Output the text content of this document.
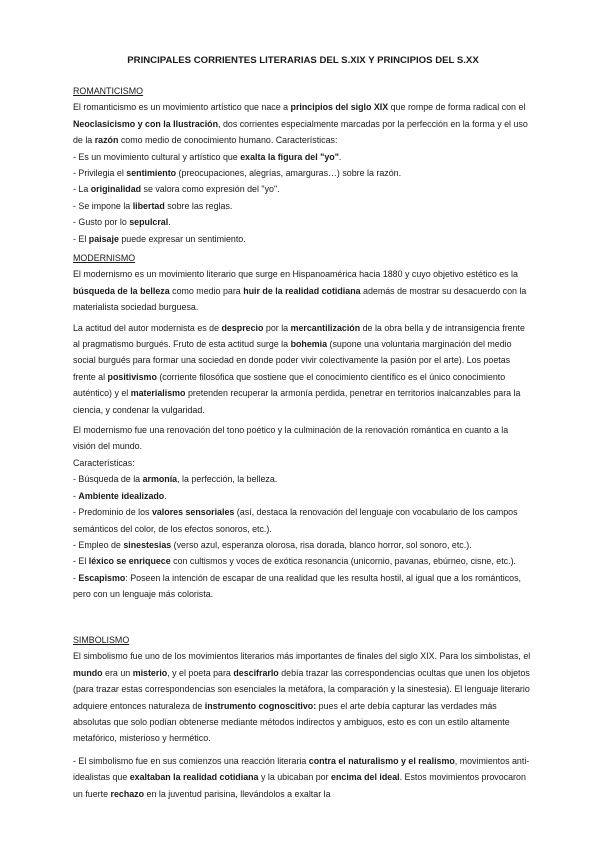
PRINCIPALES CORRIENTES LITERARIAS DEL S.XIX Y PRINCIPIOS DEL S.XX
ROMANTICISMO

El romanticismo es un movimiento artístico que nace a principios del siglo XIX que rompe de forma radical con el Neoclasicismo y con la Ilustración, dos corrientes especialmente marcadas por la perfección en la forma y el uso de la razón como medio de conocimiento humano. Características:

- Es un movimiento cultural y artístico que exalta la figura del "yo".

- Privilegia el sentimiento (preocupaciones, alegrías, amarguras…) sobre la razón.

- La originalidad se valora como expresión del "yo".

- Se impone la libertad sobre las reglas.

- Gusto por lo sepulcral.

- El paisaje puede expresar un sentimiento.

MODERNISMO

El modernismo es un movimiento literario que surge en Hispanoamérica hacia 1880 y cuyo objetivo estético es la búsqueda de la belleza como medio para huir de la realidad cotidiana además de mostrar su desacuerdo con la materialista sociedad burguesa.

La actitud del autor modernista es de desprecio por la mercantilización de la obra bella y de intransigencia frente al pragmatismo burgués. Fruto de esta actitud surge la bohemia (supone una voluntaria marginación del medio social burgués para formar una sociedad en donde poder vivir colectivamente la pasión por el arte). Los poetas frente al positivismo (corriente filosófica que sostiene que el conocimiento científico es el único conocimiento auténtico) y el materialismo pretenden recuperar la armonía perdida, penetrar en territorios inalcanzables para la ciencia, y condenar la vulgaridad.

El modernismo fue una renovación del tono poético y la culminación de la renovación romántica en cuanto a la visión del mundo.

Características:

- Búsqueda de la armonía, la perfección, la belleza.

- Ambiente idealizado.

- Predominio de los valores sensoriales (así, destaca la renovación del lenguaje con vocabulario de los campos semánticos del color, de los efectos sonoros, etc.).

- Empleo de sinestesias (verso azul, esperanza olorosa, risa dorada, blanco horror, sol sonoro, etc.).

- El léxico se enriquece con cultismos y voces de exótica resonancia (unicornio, pavanas, ebúrneo, cisne, etc.).

- Escapismo: Poseen la intención de escapar de una realidad que les resulta hostil, al igual que a los románticos, pero con un lenguaje más colorista.

SIMBOLISMO

El simbolismo fue uno de los movimientos literarios más importantes de finales del siglo XIX. Para los simbolistas, el mundo era un misterio, y el poeta para descifrarlo debía trazar las correspondencias ocultas que unen los objetos (para trazar estas correspondencias son esenciales la metáfora, la comparación y la sinestesia). El lenguaje literario adquiere entonces naturaleza de instrumento cognoscitivo: pues el arte debía capturar las verdades más absolutas que solo podían obtenerse mediante métodos indirectos y ambiguos, esto es con un estilo altamente metafórico, misterioso y hermético.

- El simbolismo fue en sus comienzos una reacción literaria contra el naturalismo y el realismo, movimientos anti-idealistas que exaltaban la realidad cotidiana y la ubicaban por encima del ideal. Estos movimientos provocaron un fuerte rechazo en la juventud parisina, llevándolos a exaltar la
